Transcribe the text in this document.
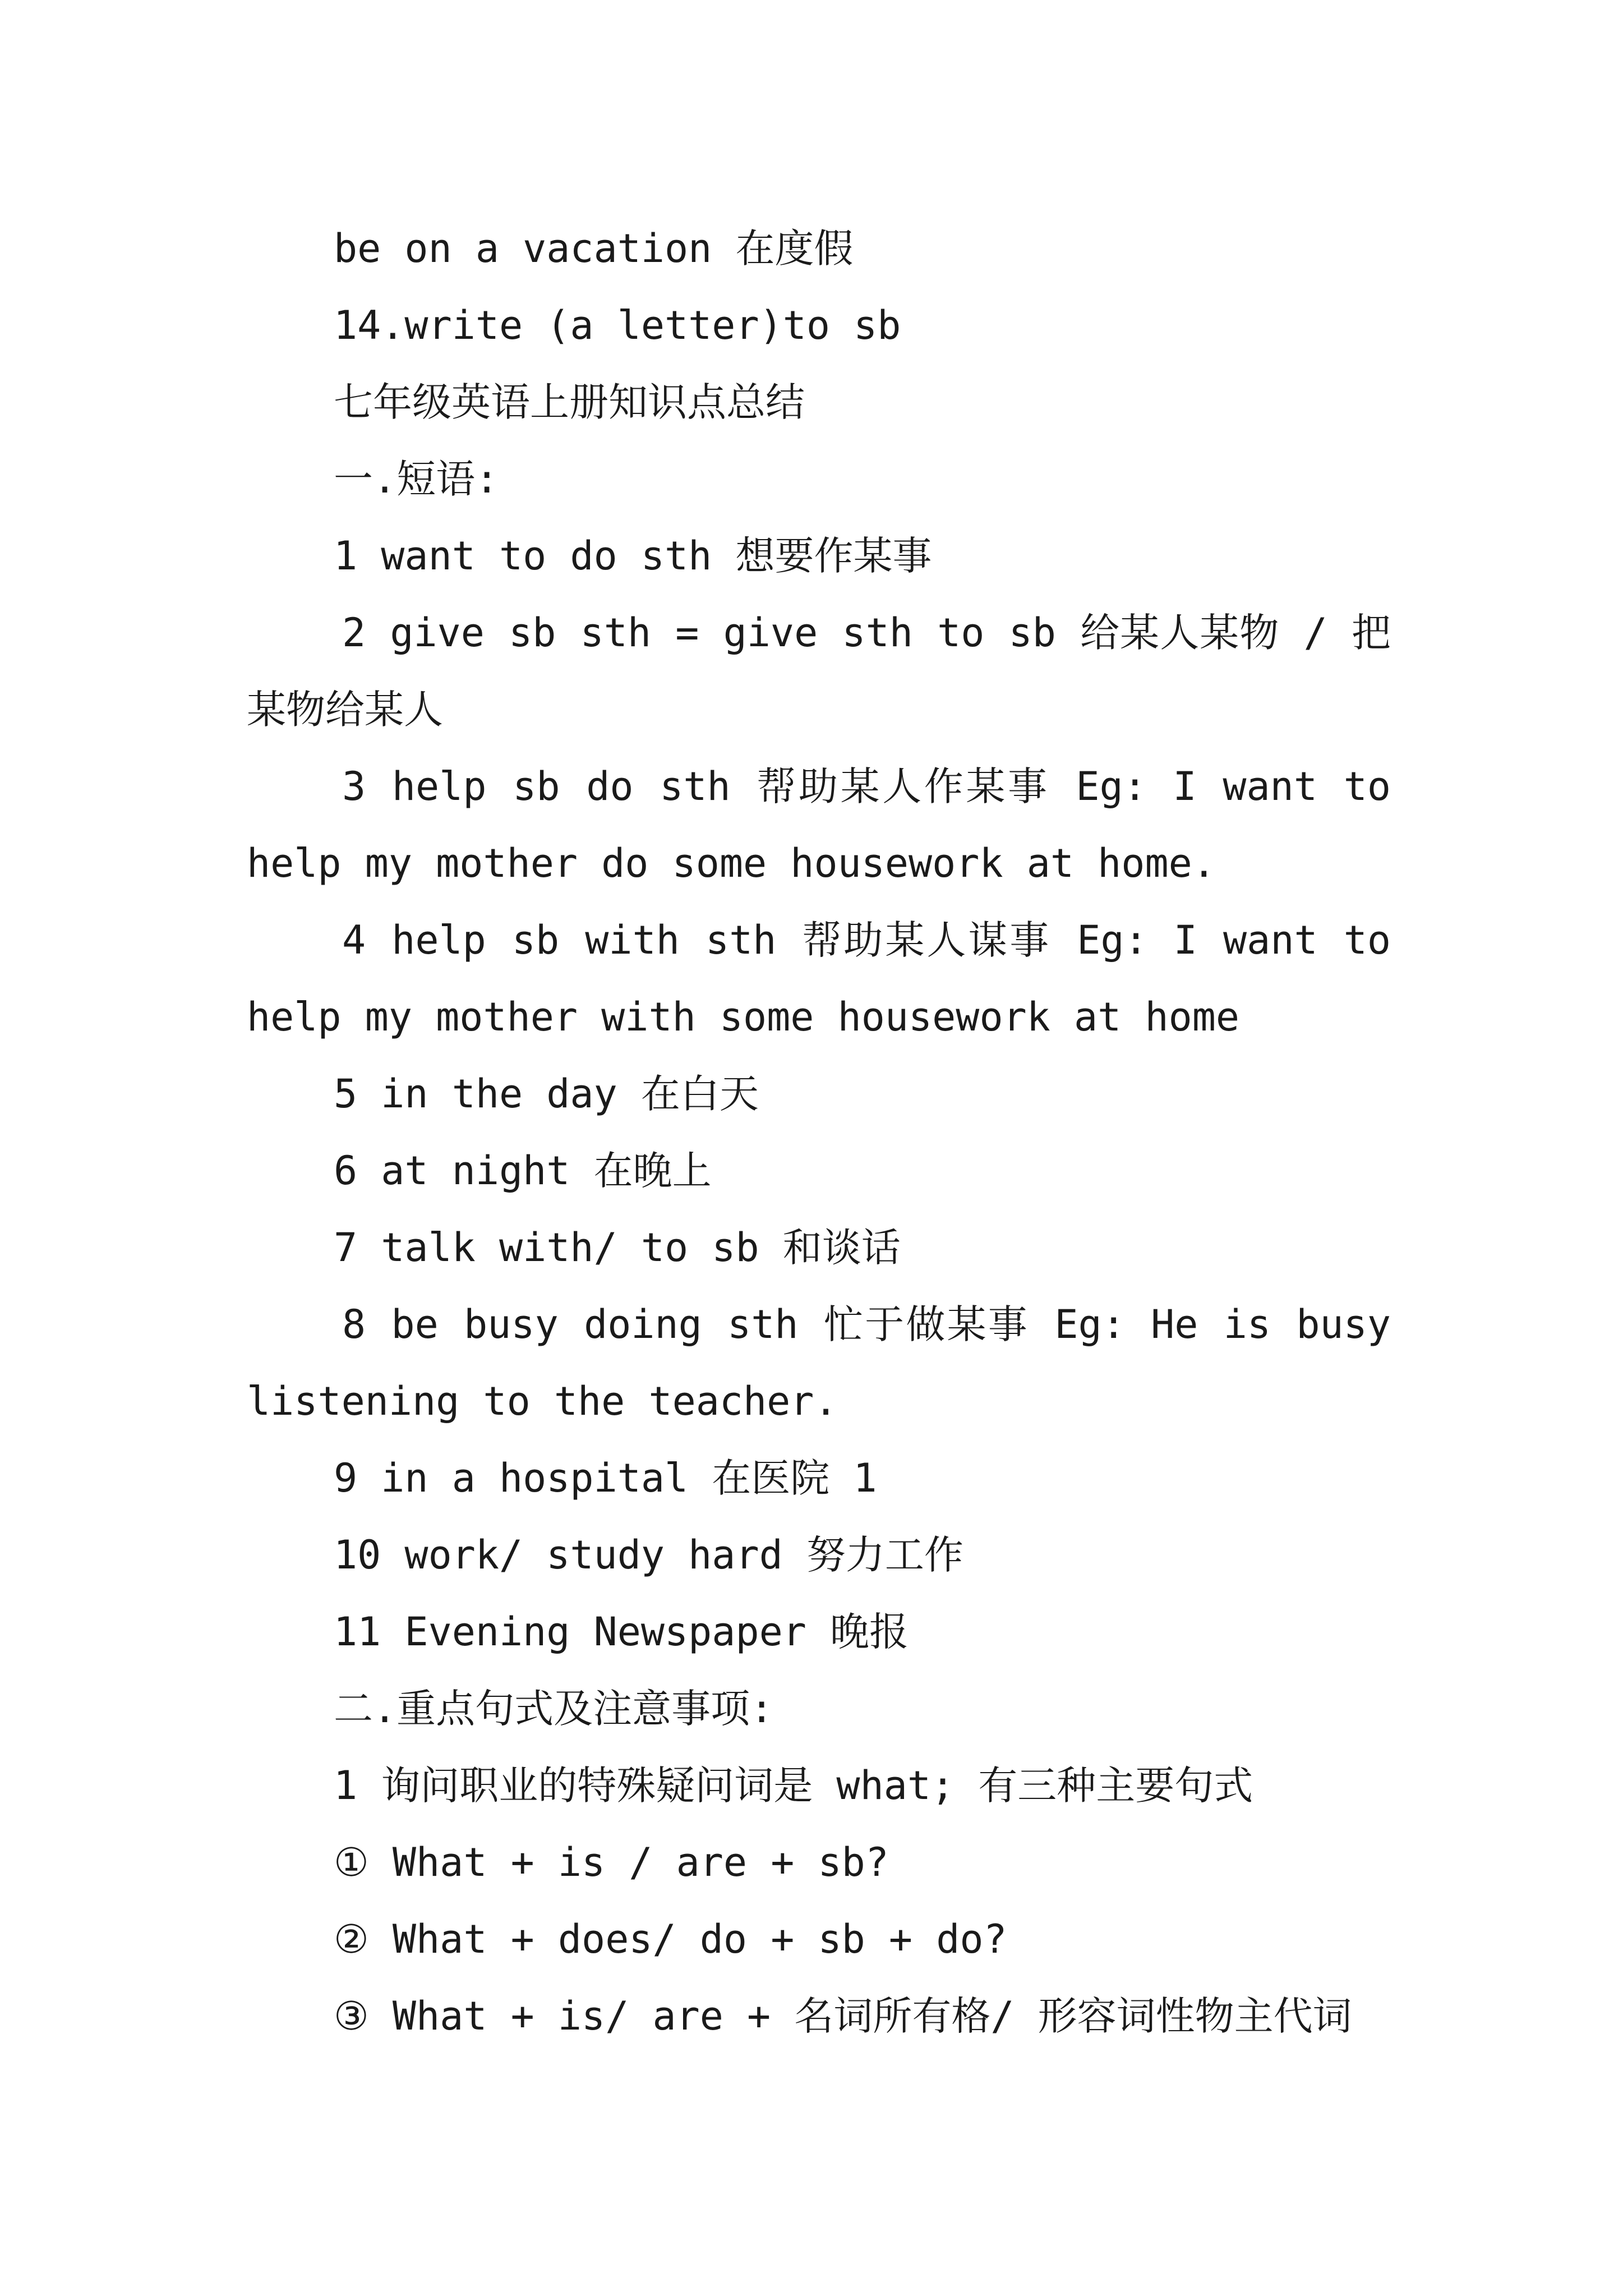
be on a vacation 在度假
14.write (a letter)to sb
七年级英语上册知识点总结
一.短语:
1 want to do sth 想要作某事
2 give sb sth = give sth to sb 给某人某物 / 把某物给某人
3 help sb do sth 帮助某人作某事 Eg: I want to help my mother do some housework at home.
4 help sb with sth 帮助某人谋事 Eg: I want to help my mother with some housework at home
5 in the day 在白天
6 at night 在晚上
7 talk with/ to sb 和谈话
8 be busy doing sth 忙于做某事 Eg: He is busy listening to the teacher.
9 in a hospital 在医院 1
10 work/ study hard 努力工作
11 Evening Newspaper 晚报
二.重点句式及注意事项:
1 询问职业的特殊疑问词是 what; 有三种主要句式
① What + is / are + sb?
② What + does/ do + sb + do?
③ What + is/ are + 名词所有格/ 形容词性物主代词
